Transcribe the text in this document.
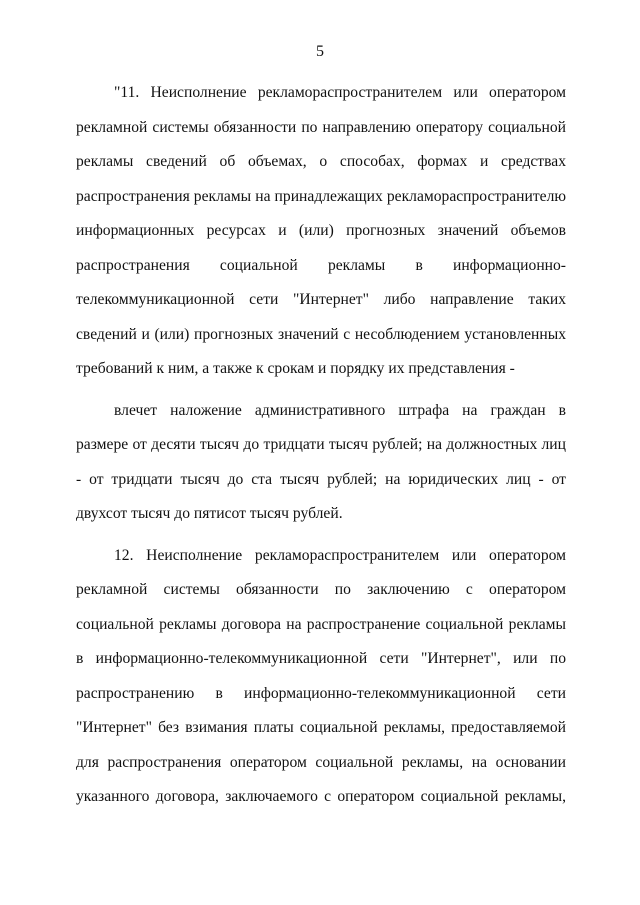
5

"11. Неисполнение рекламораспространителем или оператором рекламной системы обязанности по направлению оператору социальной рекламы сведений об объемах, о способах, формах и средствах распространения рекламы на принадлежащих рекламораспространителю информационных ресурсах и (или) прогнозных значений объемов распространения социальной рекламы в информационно-телекоммуникационной сети "Интернет" либо направление таких сведений и (или) прогнозных значений с несоблюдением установленных требований к ним, а также к срокам и порядку их представления -

влечет наложение административного штрафа на граждан в размере от десяти тысяч до тридцати тысяч рублей; на должностных лиц - от тридцати тысяч до ста тысяч рублей; на юридических лиц - от двухсот тысяч до пятисот тысяч рублей.

12. Неисполнение рекламораспространителем или оператором рекламной системы обязанности по заключению с оператором социальной рекламы договора на распространение социальной рекламы в информационно-телекоммуникационной сети "Интернет", или по распространению в информационно-телекоммуникационной сети "Интернет" без взимания платы социальной рекламы, предоставляемой для распространения оператором социальной рекламы, на основании указанного договора, заключаемого с оператором социальной рекламы,
